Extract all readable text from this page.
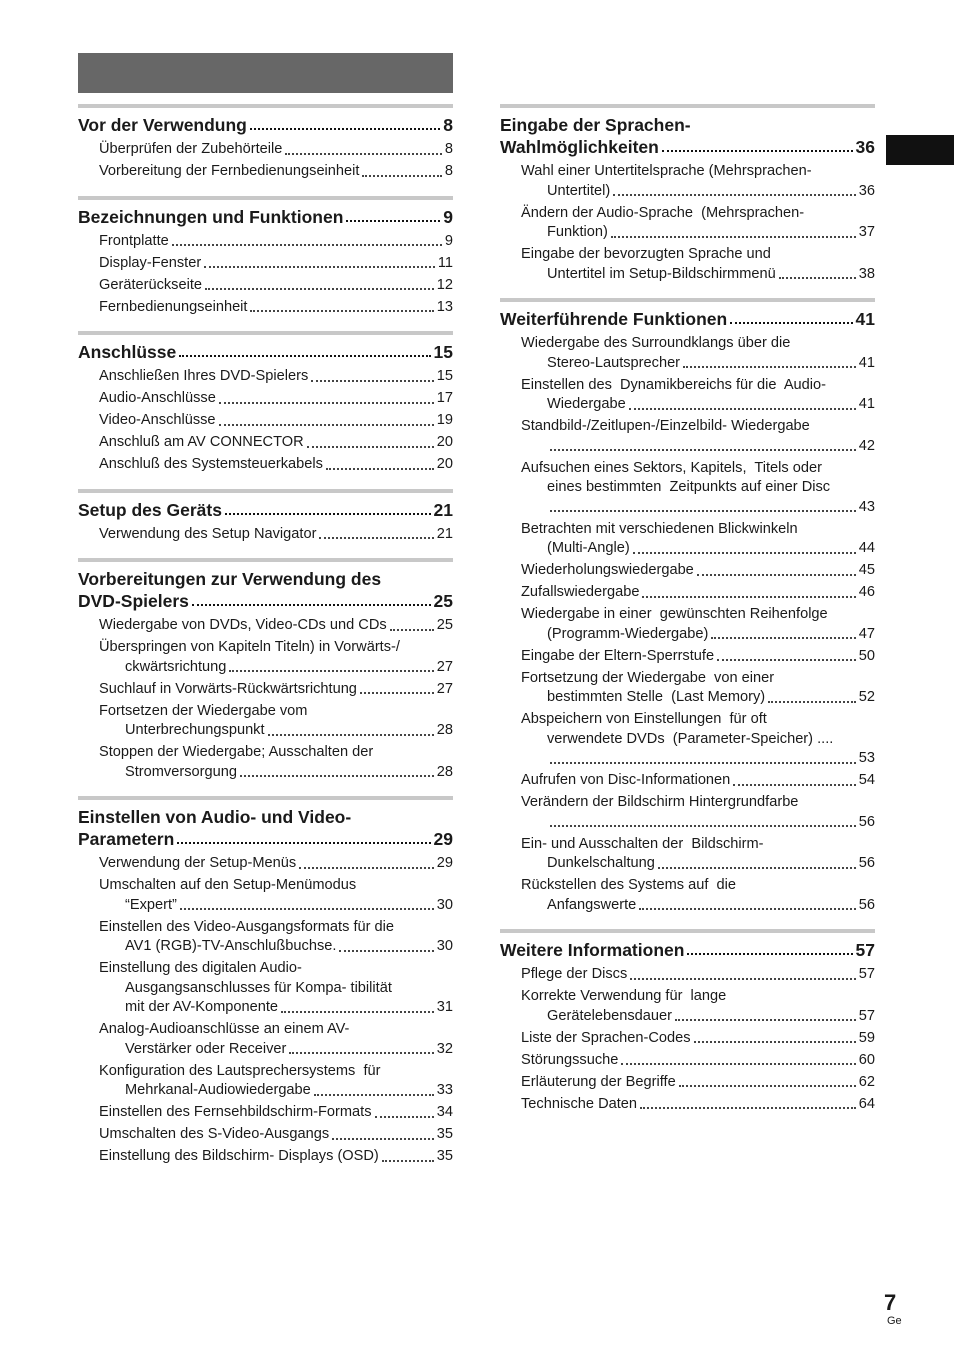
Vor der Verwendung	8
Überprüfen der Zubehörteile	8
Vorbereitung der Fernbedienungseinheit	8
Bezeichnungen und Funktionen	9
Frontplatte	9
Display-Fenster	11
Geräterückseite	12
Fernbedienungseinheit	13
Anschlüsse	15
Anschließen Ihres DVD-Spielers	15
Audio-Anschlüsse	17
Video-Anschlüsse	19
Anschluß am AV CONNECTOR	20
Anschluß des Systemsteuerkabels	20
Setup des Geräts	21
Verwendung des Setup Navigator	21
Vorbereitungen zur Verwendung des
DVD-Spielers	25
Wiedergabe von DVDs, Video-CDs und CDs	25
Überspringen von Kapiteln Titeln) in Vorwärts-/
ckwärtsrichtung	27
Suchlauf in Vorwärts-Rückwärtsrichtung	27
Fortsetzen der Wiedergabe vom
Unterbrechungspunkt	28
Stoppen der Wiedergabe; Ausschalten der
Stromversorgung	28
Einstellen von Audio- und Video-
Parametern	29
Verwendung der Setup-Menüs	29
Umschalten auf den Setup-Menümodus
“Expert”	30
Einstellen des Video-Ausgangsformats für die
AV1 (RGB)-TV-Anschlußbuchse.	30
Einstellung des digitalen Audio-
Ausgangsanschlusses für Kompa- tibilität
mit der AV-Komponente	31
Analog-Audioanschlüsse an einem AV-
Verstärker oder Receiver	32
Konfiguration des Lautsprechersystems  für
Mehrkanal-Audiowiedergabe	33
Einstellen des Fernsehbildschirm-Formats	34
Umschalten des S-Video-Ausgangs	35
Einstellung des Bildschirm- Displays (OSD)	35
Eingabe der Sprachen-
Wahlmöglichkeiten	36
Wahl einer Untertitelsprache (Mehrsprachen-
Untertitel)	36
Ändern der Audio-Sprache  (Mehrsprachen-
Funktion)	37
Eingabe der bevorzugten Sprache und
Untertitel im Setup-Bildschirmmenü	38
Weiterführende Funktionen	41
Wiedergabe des Surroundklangs über die
Stereo-Lautsprecher	41
Einstellen des  Dynamikbereichs für die  Audio-
Wiedergabe	41
Standbild-/Zeitlupen-/Einzelbild- Wiedergabe
42
Aufsuchen eines Sektors, Kapitels,  Titels oder
eines bestimmten  Zeitpunkts auf einer Disc
43
Betrachten mit verschiedenen Blickwinkeln
(Multi-Angle)	44
Wiederholungswiedergabe	45
Zufallswiedergabe	46
Wiedergabe in einer  gewünschten Reihenfolge
(Programm-Wiedergabe)	47
Eingabe der Eltern-Sperrstufe	50
Fortsetzung der Wiedergabe  von einer
bestimmten Stelle  (Last Memory)	52
Abspeichern von Einstellungen  für oft
verwendete DVDs  (Parameter-Speicher) ....
53
Aufrufen von Disc-Informationen	54
Verändern der Bildschirm Hintergrundfarbe
56
Ein- und Ausschalten der  Bildschirm-
Dunkelschaltung	56
Rückstellen des Systems auf  die
Anfangswerte	56
Weitere Informationen	57
Pflege der Discs	57
Korrekte Verwendung für  lange
Gerätelebensdauer	57
Liste der Sprachen-Codes	59
Störungssuche	60
Erläuterung der Begriffe	62
Technische Daten	64
7
Ge
